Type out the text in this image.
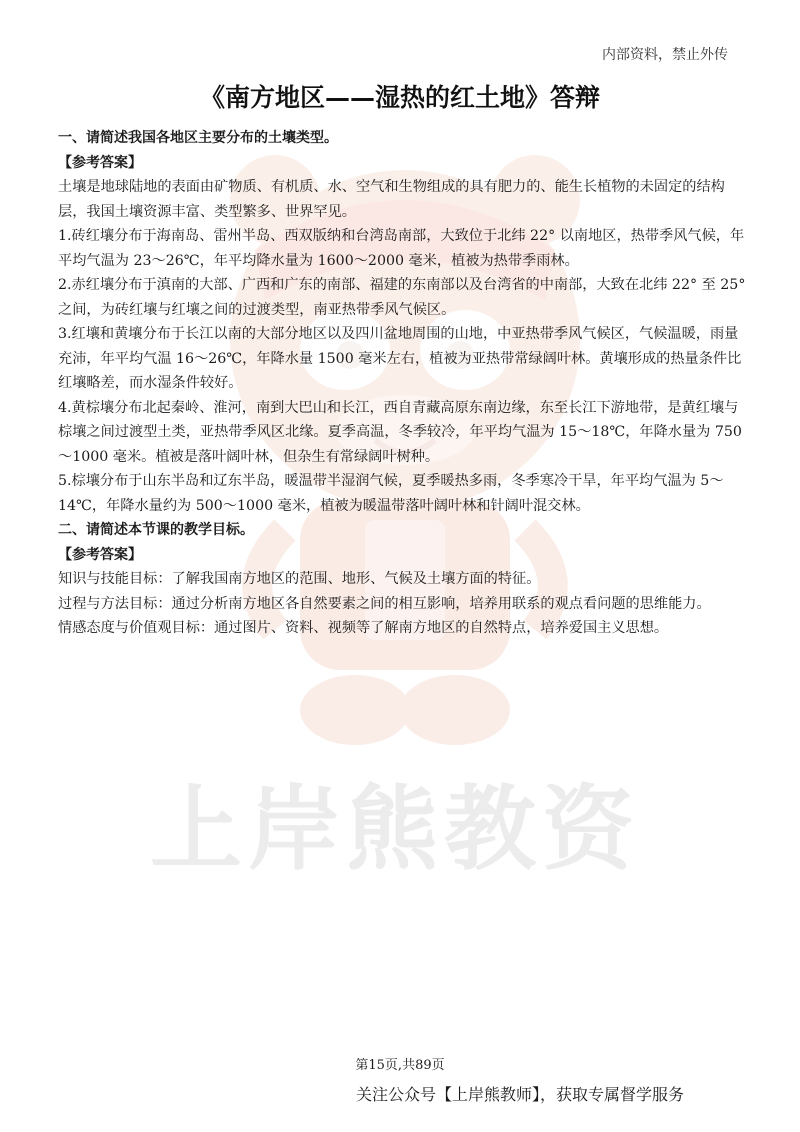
上岸熊教资
内部资料，禁止外传
《南方地区——湿热的红土地》答辩

一、请简述我国各地区主要分布的土壤类型。

【参考答案】

土壤是地球陆地的表面由矿物质、有机质、水、空气和生物组成的具有肥力的、能生长植物的未固定的结构层，我国土壤资源丰富、类型繁多、世界罕见。

1.砖红壤分布于海南岛、雷州半岛、西双版纳和台湾岛南部，大致位于北纬 22° 以南地区，热带季风气候，年平均气温为 23～26℃，年平均降水量为 1600～2000 毫米，植被为热带季雨林。

2.赤红壤分布于滇南的大部、广西和广东的南部、福建的东南部以及台湾省的中南部，大致在北纬 22° 至 25° 之间，为砖红壤与红壤之间的过渡类型，南亚热带季风气候区。

3.红壤和黄壤分布于长江以南的大部分地区以及四川盆地周围的山地，中亚热带季风气候区，气候温暖，雨量充沛，年平均气温 16～26℃，年降水量 1500 毫米左右，植被为亚热带常绿阔叶林。黄壤形成的热量条件比红壤略差，而水湿条件较好。

4.黄棕壤分布北起秦岭、淮河，南到大巴山和长江，西自青藏高原东南边缘，东至长江下游地带，是黄红壤与棕壤之间过渡型土类，亚热带季风区北缘。夏季高温，冬季较冷，年平均气温为 15～18℃，年降水量为 750～1000 毫米。植被是落叶阔叶林，但杂生有常绿阔叶树种。

5.棕壤分布于山东半岛和辽东半岛，暖温带半湿润气候，夏季暖热多雨，冬季寒冷干旱，年平均气温为 5～14℃，年降水量约为 500～1000 毫米，植被为暖温带落叶阔叶林和针阔叶混交林。

二、请简述本节课的教学目标。

【参考答案】

知识与技能目标：了解我国南方地区的范围、地形、气候及土壤方面的特征。

过程与方法目标：通过分析南方地区各自然要素之间的相互影响，培养用联系的观点看问题的思维能力。

情感态度与价值观目标：通过图片、资料、视频等了解南方地区的自然特点，培养爱国主义思想。

第15页,共89页
关注公众号【上岸熊教师】，获取专属督学服务
